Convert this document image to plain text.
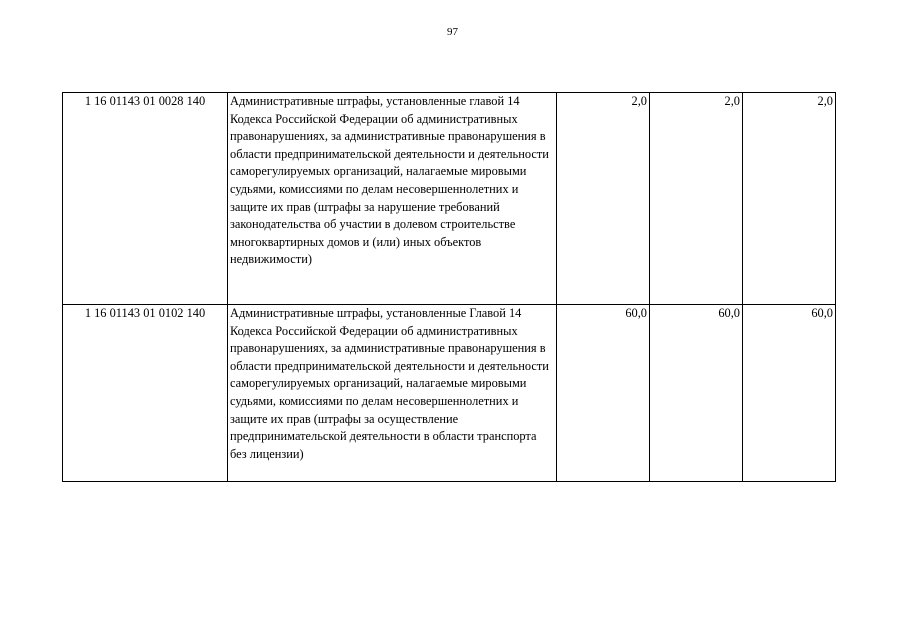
97
1 16 01143 01 0028 140	Административные штрафы, установленные главой 14 Кодекса Российской Федерации об административных правонарушениях, за административные правонарушения в области предпринимательской деятельности и деятельности саморегулируемых организаций, налагаемые мировыми судьями, комиссиями по делам несовершеннолетних и защите их прав (штрафы за нарушение требований законодательства об участии в долевом строительстве многоквартирных домов и (или) иных объектов недвижимости)	2,0	2,0	2,0
1 16 01143 01 0102 140	Административные штрафы, установленные Главой 14 Кодекса Российской Федерации об административных правонарушениях, за административные правонарушения в области предпринимательской деятельности и деятельности саморегулируемых организаций, налагаемые мировыми судьями, комиссиями по делам несовершеннолетних и защите их прав (штрафы за осуществление предпринимательской деятельности в области транспорта без лицензии)	60,0	60,0	60,0
